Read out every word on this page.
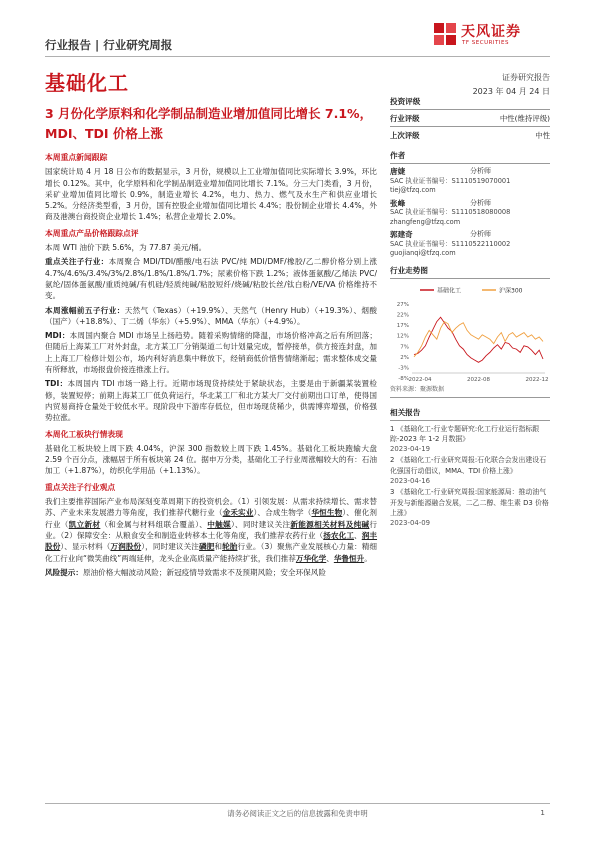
行业报告 | 行业研究周报
天风证券
TF SECURITIES
基础化工	证券研究报告
2023 年 04 月 24 日
3 月份化学原料和化学制品制造业增加值同比增长 7.1%，MDI、TDI 价格上涨
本周重点新闻跟踪
国家统计局 4 月 18 日公布的数据显示，3 月份，规模以上工业增加值同比实际增长 3.9%，环比增长 0.12%。其中，化学原料和化学制品制造业增加值同比增长 7.1%。分三大门类看，3 月份，采矿业增加值同比增长 0.9%，制造业增长 4.2%，电力、热力、燃气及水生产和供应业增长 5.2%。分经济类型看，3 月份，国有控股企业增加值同比增长 4.4%；股份制企业增长 4.4%，外商及港澳台商投资企业增长 1.4%；私营企业增长 2.0%。
本周重点产品价格跟踪点评
本周 WTI 油价下跌 5.6%，为 77.87 美元/桶。
重点关注子行业：本周聚合 MDI/TDI/醋酸/电石法 PVC/纯 MDI/DMF/橡胶/乙二醇价格分别上涨 4.7%/4.6%/3.4%/3%/2.8%/1.8%/1.8%/1.7%；尿素价格下跌 1.2%；液体蛋氨酸/乙烯法 PVC/氨纶/固体蛋氨酸/重质纯碱/有机硅/轻质纯碱/粘胶短纤/烧碱/粘胶长丝/钛白粉/VE/VA 价格维持不变。
本周涨幅前五子行业：天然气（Texas）（+19.9%）、天然气（Henry Hub）（+19.3%）、烟酸（国产）（+18.8%）、丁二烯（华东）（+5.9%）、MMA（华东）（+4.9%）。
MDI：本周国内聚合 MDI 市场呈上扬趋势。随着采购情绪的降温，市场价格冲高之后有所回落；但随后上海某工厂对外封盘，北方某工厂分销渠道二旬计划量完成，暂停接单，供方接连封盘，加上上海工厂检修计划公布，场内利好消息集中释放下，经销商低价惜售情绪渐起；需求整体成交量有所释放，市场报盘价接连推涨上行。
TDI：本周国内 TDI 市场一路上行。近期市场现货持续处于紧缺状态，主要是由于新疆某装置检修，装置短停；前期上海某工厂低负荷运行，华北某工厂和北方某大厂交付前期出口订单，使得国内贸易商持仓量处于较低水平。现阶段中下游库存低位，但市场现货稀少，供需博弈增强，价格强势拉涨。
本周化工板块行情表现
基础化工板块较上周下跌 4.04%，沪深 300 指数较上周下跌 1.45%。基础化工板块跑输大盘 2.59 个百分点，涨幅居于所有板块第 24 位。据申万分类，基础化工子行业周涨幅较大的有：石油加工（+1.87%），纺织化学用品（+1.13%）。
重点关注子行业观点
我们主要推荐国际产业布局深刻变革周期下的投资机会。（1）引领发展：从需求持续增长、需求替苏、产业未来发展潜力等角度，我们推荐代糖行业（金禾实业）、合成生物学（华恒生物）、催化剂行业（凯立新材（和金属与材料组联合覆盖）、中触媒）、同时建议关注新能源相关材料及纯碱行业。（2）保障安全：从粮食安全和制造业转移本土化等角度，我们推荐农药行业（扬农化工、润丰股份）、显示材料（万润股份），同时建议关注磷肥和轮胎行业。（3）聚焦产业发展核心力量：精细化工行业向“微笑曲线”两端延伸，龙头企业高质量产能持续扩张，我们推荐万华化学、华鲁恒升。
风险提示：原油价格大幅波动风险；新冠疫情导致需求不及预期风险；安全环保风险
投资评级
行业评级	中性(维持评级)
上次评级	中性
作者
唐婕	分析师
SAC 执业证书编号：S1110519070001
tiej@tfzq.com
张峰	分析师
SAC 执业证书编号：S1110518080008
zhangfeng@tfzq.com
郭建奇	分析师
SAC 执业证书编号：S1110522110002
guojianqi@tfzq.com
行业走势图
基础化工	沪深300
27%
22%
17%
12%
7%
2%
-3%
-8% 2022-04	2022-08	2022-12
资料来源：聚源数据
相关报告
1 《基础化工-行业专题研究:化工行业运行指标跟踪-2023 年 1-2 月数据》
2023-04-19
2 《基础化工-行业研究周报:石化联合会发出建设石化强国行动倡议，MMA、TDI 价格上涨》
2023-04-16
3 《基础化工-行业研究周报:国家能源局：推动油气开发与新能源融合发展，二乙二醇、维生素 D3 价格上涨》
2023-04-09
请务必阅读正文之后的信息披露和免责申明	1
